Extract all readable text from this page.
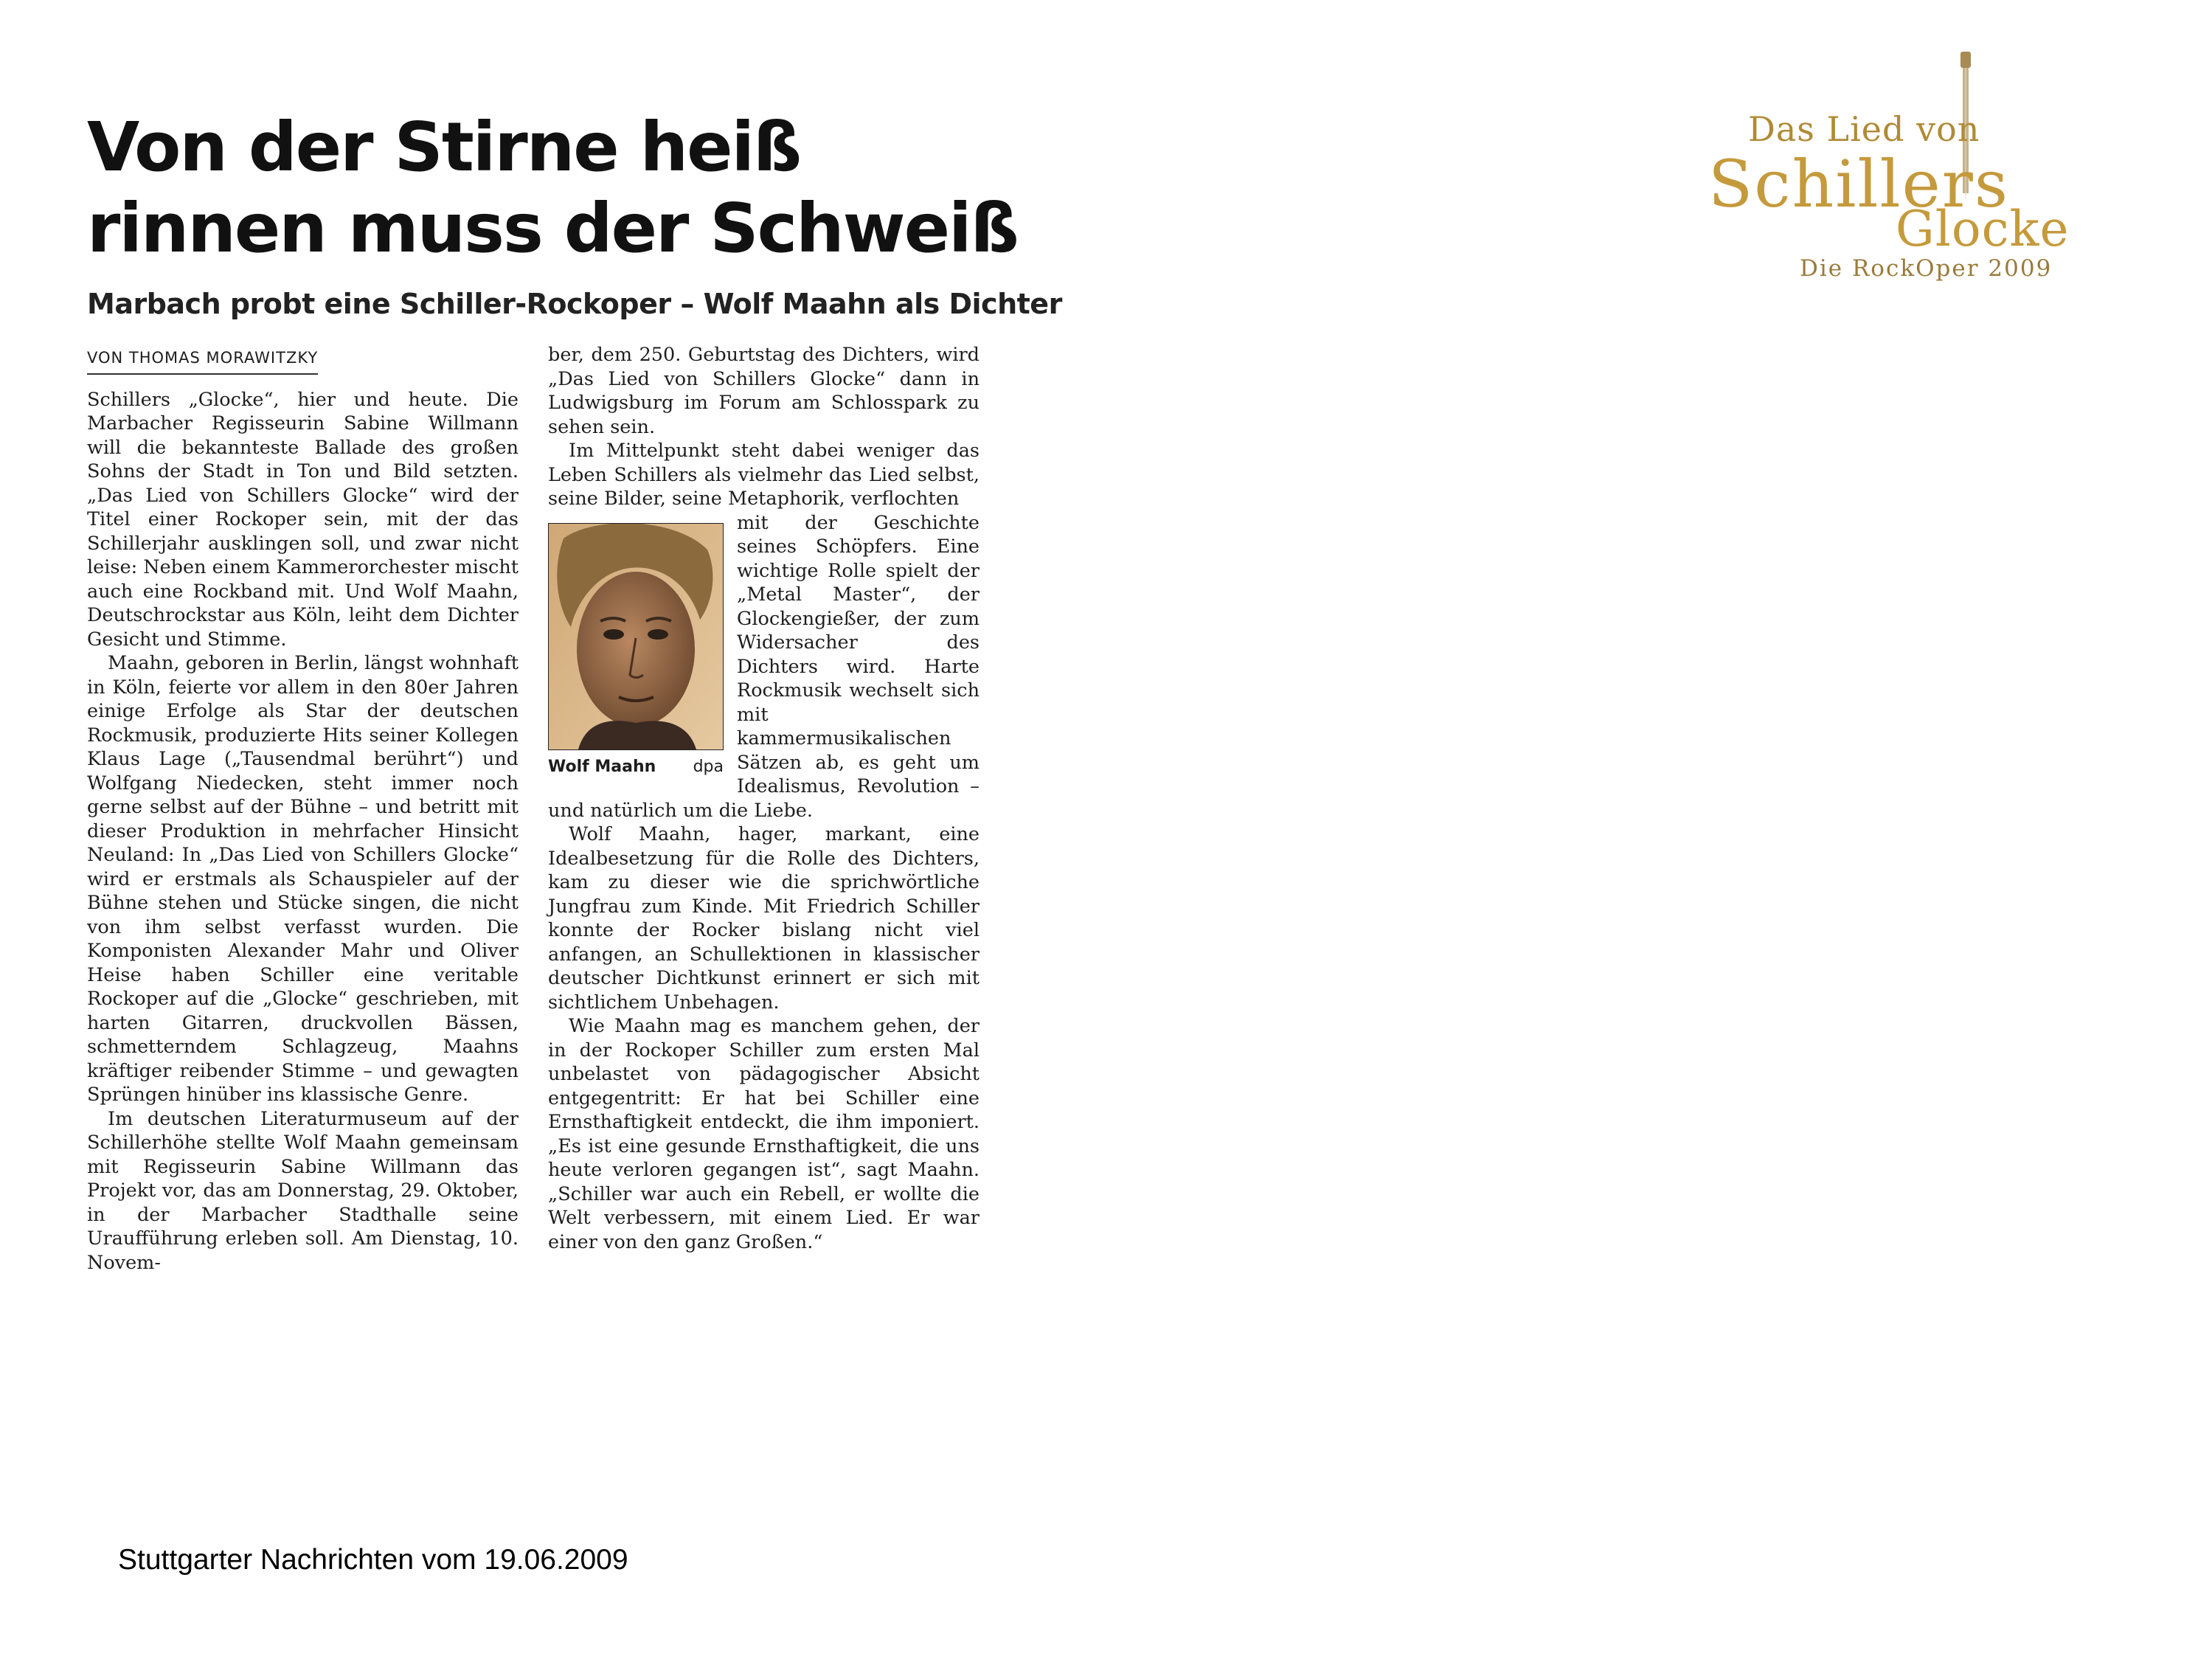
Von der Stirne heiß
rinnen muss der Schweiß
Marbach probt eine Schiller-Rockoper – Wolf Maahn als Dichter
VON THOMAS MORAWITZKY

Schillers „Glocke“, hier und heute. Die Marbacher Regisseurin Sabine Willmann will die bekannteste Ballade des großen Sohns der Stadt in Ton und Bild setzten. „Das Lied von Schillers Glocke“ wird der Titel einer Rockoper sein, mit der das Schillerjahr ausklingen soll, und zwar nicht leise: Neben einem Kammerorchester mischt auch eine Rockband mit. Und Wolf Maahn, Deutschrockstar aus Köln, leiht dem Dichter Gesicht und Stimme.

Maahn, geboren in Berlin, längst wohnhaft in Köln, feierte vor allem in den 80er Jahren einige Erfolge als Star der deutschen Rockmusik, produzierte Hits seiner Kollegen Klaus Lage („Tausendmal berührt“) und Wolfgang Niedecken, steht immer noch gerne selbst auf der Bühne – und betritt mit dieser Produktion in mehrfacher Hinsicht Neuland: In „Das Lied von Schillers Glocke“ wird er erstmals als Schauspieler auf der Bühne stehen und Stücke singen, die nicht von ihm selbst verfasst wurden. Die Komponisten Alexander Mahr und Oliver Heise haben Schiller eine veritable Rockoper auf die „Glocke“ geschrieben, mit harten Gitarren, druckvollen Bässen, schmetterndem Schlagzeug, Maahns kräftiger reibender Stimme – und gewagten Sprüngen hinüber ins klassische Genre.

Im deutschen Literaturmuseum auf der Schillerhöhe stellte Wolf Maahn gemeinsam mit Regisseurin Sabine Willmann das Projekt vor, das am Donnerstag, 29. Oktober, in der Marbacher Stadthalle seine Uraufführung erleben soll. Am Dienstag, 10. Novem-

ber, dem 250. Geburtstag des Dichters, wird „Das Lied von Schillers Glocke“ dann in Ludwigsburg im Forum am Schlosspark zu sehen sein.

Im Mittelpunkt steht dabei weniger das Leben Schillers als vielmehr das Lied selbst, seine Bilder, seine Metaphorik, verflochten

Wolf Maahn dpa

mit der Geschichte seines Schöpfers. Eine wichtige Rolle spielt der „Metal Master“, der Glockengießer, der zum Widersacher des Dichters wird. Harte Rockmusik wechselt sich mit kammermusikalischen Sätzen ab, es geht um Idealismus, Revolution – und natürlich um die Liebe.

Wolf Maahn, hager, markant, eine Idealbesetzung für die Rolle des Dichters, kam zu dieser wie die sprichwörtliche Jungfrau zum Kinde. Mit Friedrich Schiller konnte der Rocker bislang nicht viel anfangen, an Schullektionen in klassischer deutscher Dichtkunst erinnert er sich mit sichtlichem Unbehagen.

Wie Maahn mag es manchem gehen, der in der Rockoper Schiller zum ersten Mal unbelastet von pädagogischer Absicht entgegentritt: Er hat bei Schiller eine Ernsthaftigkeit entdeckt, die ihm imponiert. „Es ist eine gesunde Ernsthaftigkeit, die uns heute verloren gegangen ist“, sagt Maahn. „Schiller war auch ein Rebell, er wollte die Welt verbessern, mit einem Lied. Er war einer von den ganz Großen.“

Das Lied von
Schillers
Glocke
Die RockOper 2009
Stuttgarter Nachrichten vom 19.06.2009
